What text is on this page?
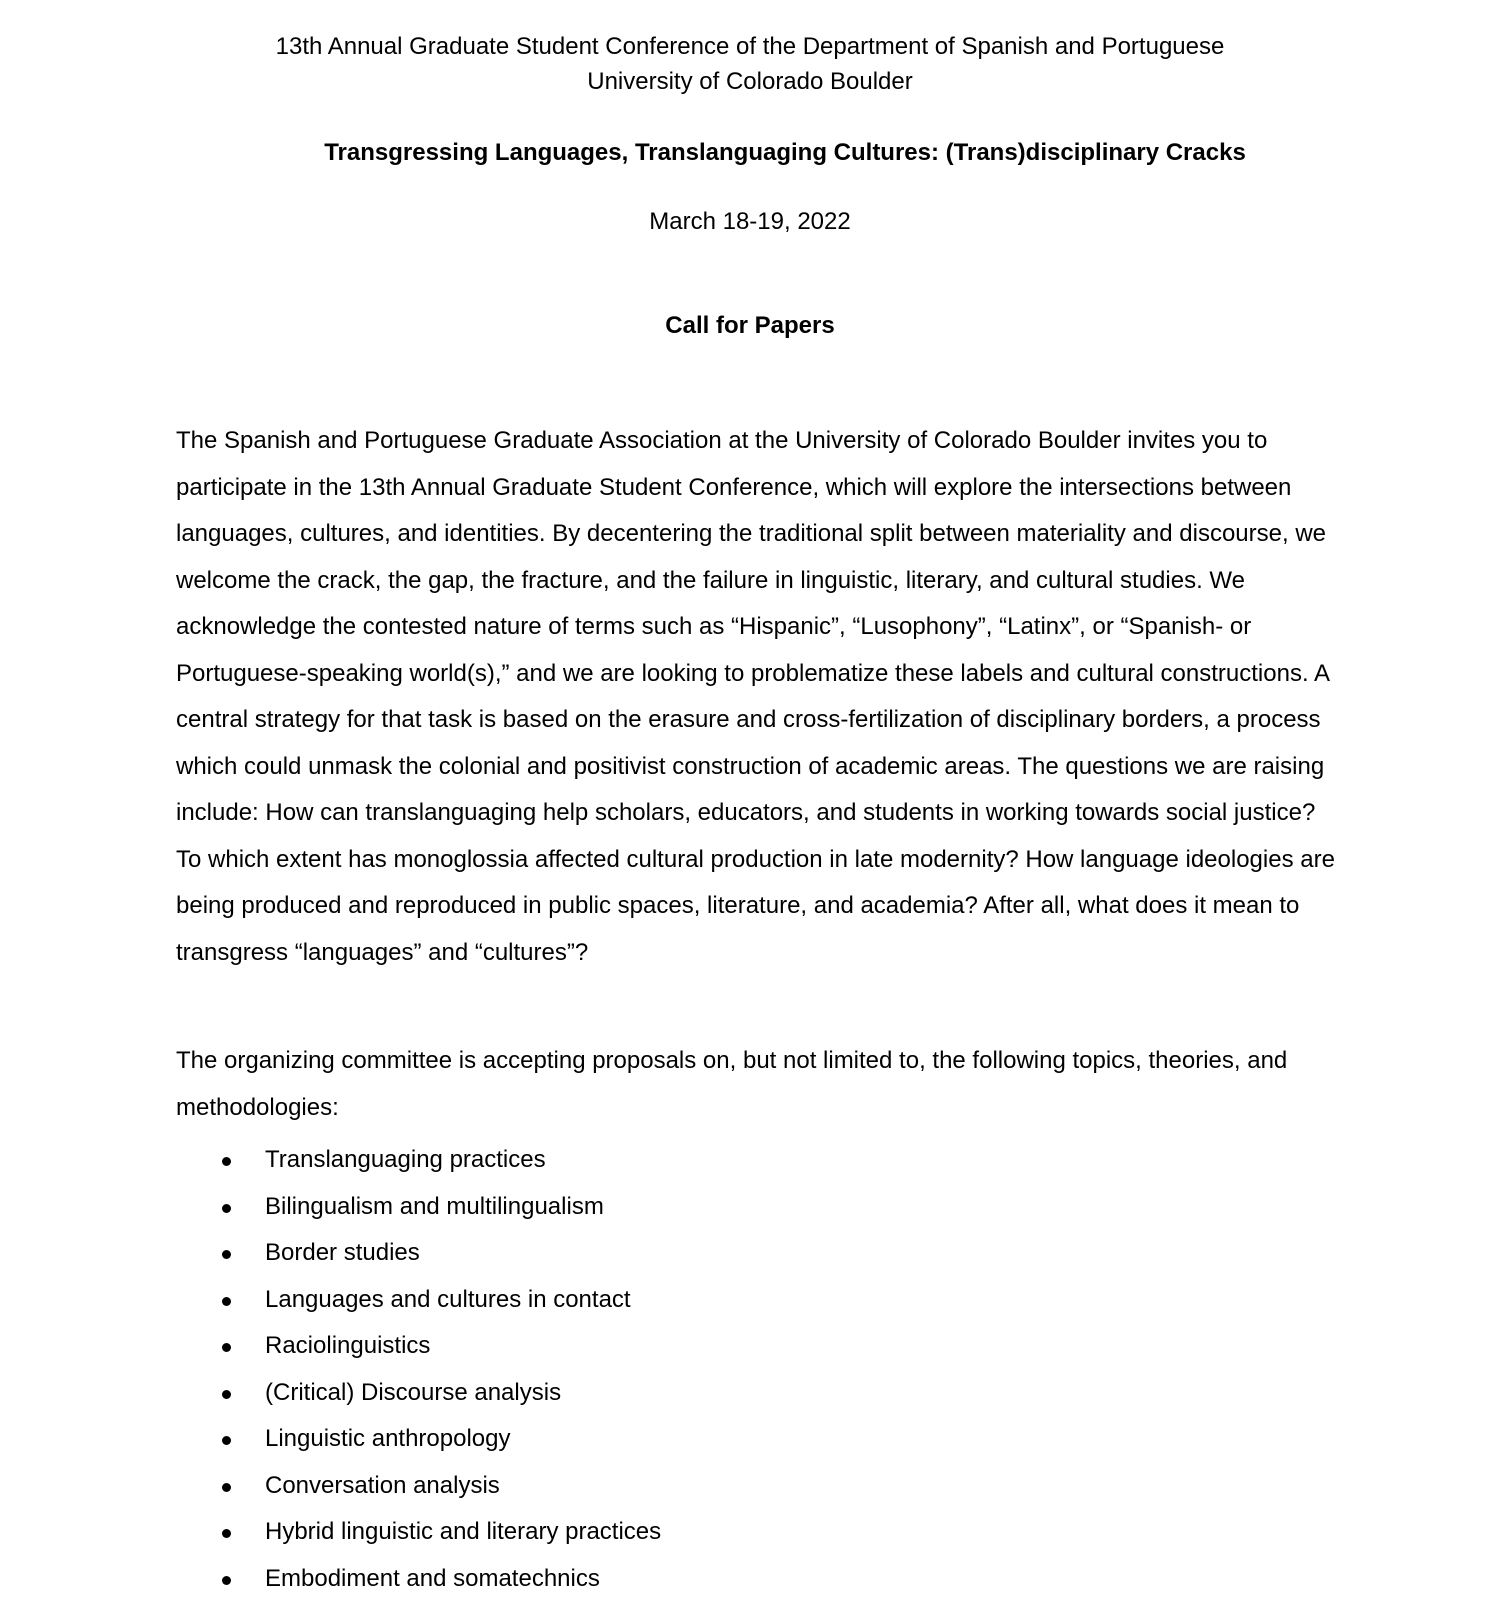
13th Annual Graduate Student Conference of the Department of Spanish and Portuguese
University of Colorado Boulder
Transgressing Languages, Translanguaging Cultures: (Trans)disciplinary Cracks

March 18-19, 2022

Call for Papers

The Spanish and Portuguese Graduate Association at the University of Colorado Boulder invites you to participate in the 13th Annual Graduate Student Conference, which will explore the intersections between languages, cultures, and identities. By decentering the traditional split between materiality and discourse, we welcome the crack, the gap, the fracture, and the failure in linguistic, literary, and cultural studies. We acknowledge the contested nature of terms such as “Hispanic”, “Lusophony”, “Latinx”, or “Spanish- or Portuguese-speaking world(s),” and we are looking to problematize these labels and cultural constructions. A central strategy for that task is based on the erasure and cross-fertilization of disciplinary borders, a process which could unmask the colonial and positivist construction of academic areas. The questions we are raising include: How can translanguaging help scholars, educators, and students in working towards social justice? To which extent has monoglossia affected cultural production in late modernity? How language ideologies are being produced and reproduced in public spaces, literature, and academia? After all, what does it mean to transgress “languages” and “cultures”?

The organizing committee is accepting proposals on, but not limited to, the following topics, theories, and methodologies:

Translanguaging practices
Bilingualism and multilingualism
Border studies
Languages and cultures in contact
Raciolinguistics
(Critical) Discourse analysis
Linguistic anthropology
Conversation analysis
Hybrid linguistic and literary practices
Embodiment and somatechnics
